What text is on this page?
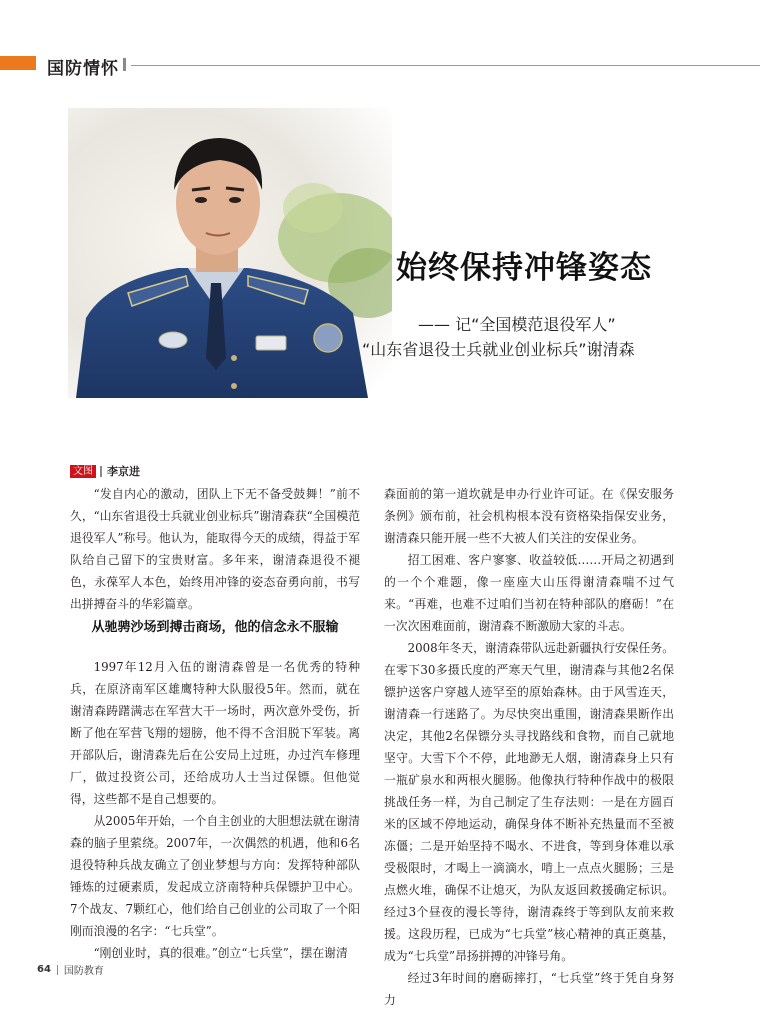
国防情怀
始终保持冲锋姿态
—— 记“全国模范退役军人”
“山东省退役士兵就业创业标兵”谢清森
文图 李京进

“发自内心的激动，团队上下无不备受鼓舞！”前不久，“山东省退役士兵就业创业标兵”谢清森获“全国模范退役军人”称号。他认为，能取得今天的成绩，得益于军队给自己留下的宝贵财富。多年来，谢清森退役不褪色，永葆军人本色，始终用冲锋的姿态奋勇向前，书写出拼搏奋斗的华彩篇章。

从驰骋沙场到搏击商场，他的信念永不服输

1997年12月入伍的谢清森曾是一名优秀的特种兵，在原济南军区雄鹰特种大队服役5年。然而，就在谢清森踌躇满志在军营大干一场时，两次意外受伤，折断了他在军营飞翔的翅膀，他不得不含泪脱下军装。离开部队后，谢清森先后在公安局上过班，办过汽车修理厂，做过投资公司，还给成功人士当过保镖。但他觉得，这些都不是自己想要的。

从2005年开始，一个自主创业的大胆想法就在谢清森的脑子里萦绕。2007年，一次偶然的机遇，他和6名退役特种兵战友确立了创业梦想与方向：发挥特种部队锤炼的过硬素质，发起成立济南特种兵保镖护卫中心。7个战友、7颗红心，他们给自己创业的公司取了一个阳刚而浪漫的名字：“七兵堂”。

“刚创业时，真的很难。”创立“七兵堂”，摆在谢清

森面前的第一道坎就是申办行业许可证。在《保安服务条例》颁布前，社会机构根本没有资格染指保安业务，谢清森只能开展一些不大被人们关注的安保业务。

招工困难、客户寥寥、收益较低……开局之初遇到的一个个难题，像一座座大山压得谢清森喘不过气来。“再难，也难不过咱们当初在特种部队的磨砺！”在一次次困难面前，谢清森不断激励大家的斗志。

2008年冬天，谢清森带队远赴新疆执行安保任务。在零下30多摄氏度的严寒天气里，谢清森与其他2名保镖护送客户穿越人迹罕至的原始森林。由于风雪连天，谢清森一行迷路了。为尽快突出重围，谢清森果断作出决定，其他2名保镖分头寻找路线和食物，而自己就地坚守。大雪下个不停，此地渺无人烟，谢清森身上只有一瓶矿泉水和两根火腿肠。他像执行特种作战中的极限挑战任务一样，为自己制定了生存法则：一是在方圆百米的区域不停地运动，确保身体不断补充热量而不至被冻僵；二是开始坚持不喝水、不进食，等到身体难以承受极限时，才喝上一滴滴水，啃上一点点火腿肠；三是点燃火堆，确保不让熄灭，为队友返回救援确定标识。经过3个昼夜的漫长等待，谢清森终于等到队友前来救援。这段历程，已成为“七兵堂”核心精神的真正奠基，成为“七兵堂”昂扬拼搏的冲锋号角。

经过3年时间的磨砺摔打，“七兵堂”终于凭自身努力

64 国防教育
